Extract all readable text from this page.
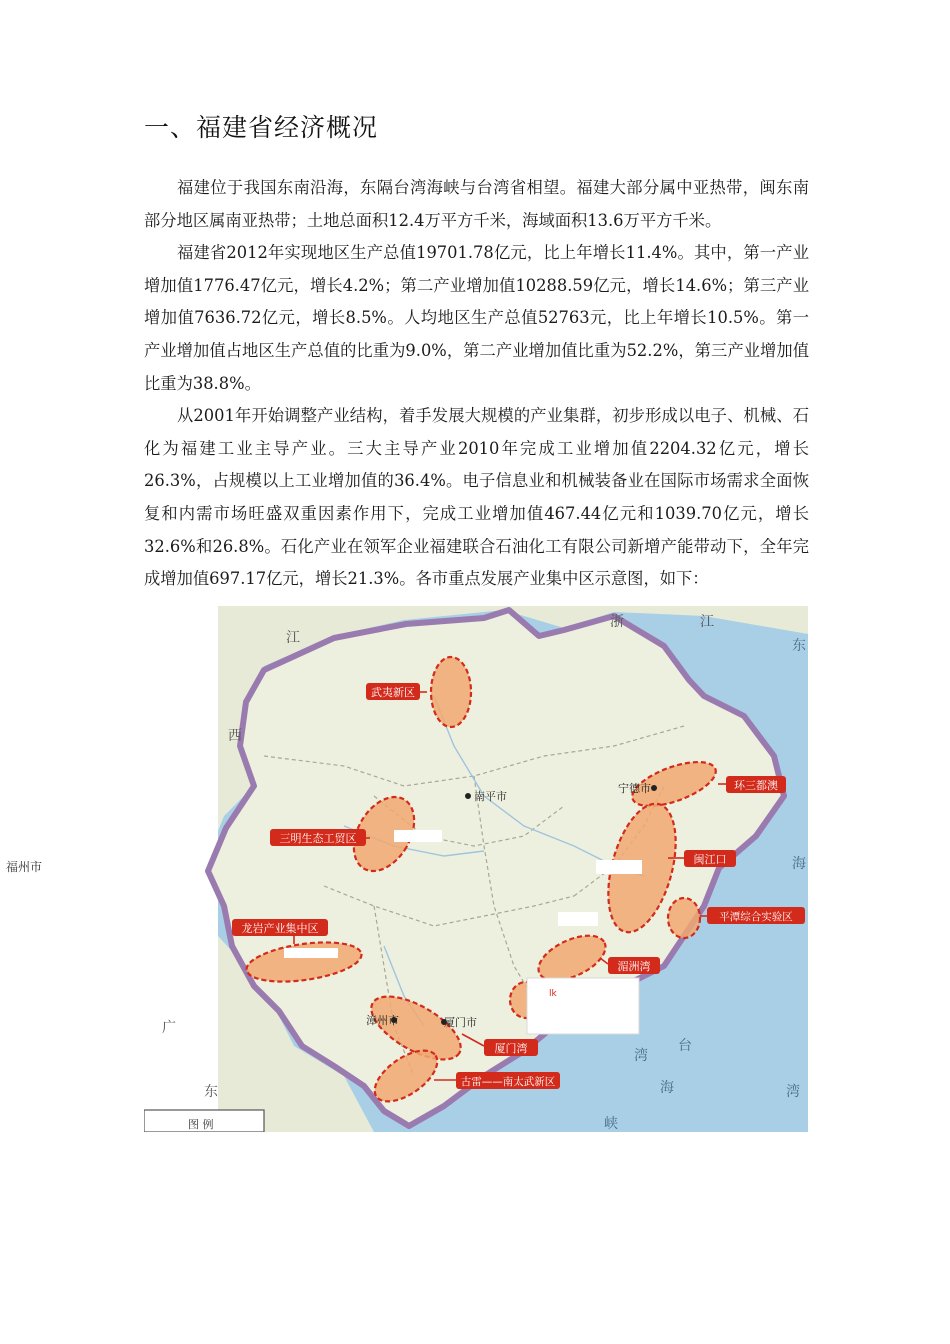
一、福建省经济概况

福建位于我国东南沿海，东隔台湾海峡与台湾省相望。福建大部分属中亚热带，闽东南部分地区属南亚热带；土地总面积12.4万平方千米，海域面积13.6万平方千米。

福建省2012年实现地区生产总值19701.78亿元，比上年增长11.4%。其中，第一产业增加值1776.47亿元，增长4.2%；第二产业增加值10288.59亿元，增长14.6%；第三产业增加值7636.72亿元，增长8.5%。人均地区生产总值52763元，比上年增长10.5%。第一产业增加值占地区生产总值的比重为9.0%，第二产业增加值比重为52.2%，第三产业增加值比重为38.8%。

从2001年开始调整产业结构，着手发展大规模的产业集群，初步形成以电子、机械、石化为福建工业主导产业。三大主导产业2010年完成工业增加值2204.32亿元，增长26.3%，占规模以上工业增加值的36.4%。电子信息业和机械装备业在国际市场需求全面恢复和内需市场旺盛双重因素作用下，完成工业增加值467.44亿元和1039.70亿元，增长32.6%和26.8%。石化产业在领军企业福建联合石油化工有限公司新增产能带动下，全年完成增加值697.17亿元，增长21.3%。各市重点发展产业集中区示意图，如下：

福州市
武夷新区
三明生态工贸区
龙岩产业集中区
环三都澳
闽江口
平潭综合实验区
湄洲湾
厦门湾
古雷——南太武新区
南平市
宁德市
漳州市	厦门市
浙	江
江
西
广
东
东
海
台
湾
海
峡
湾
lk
图 例
